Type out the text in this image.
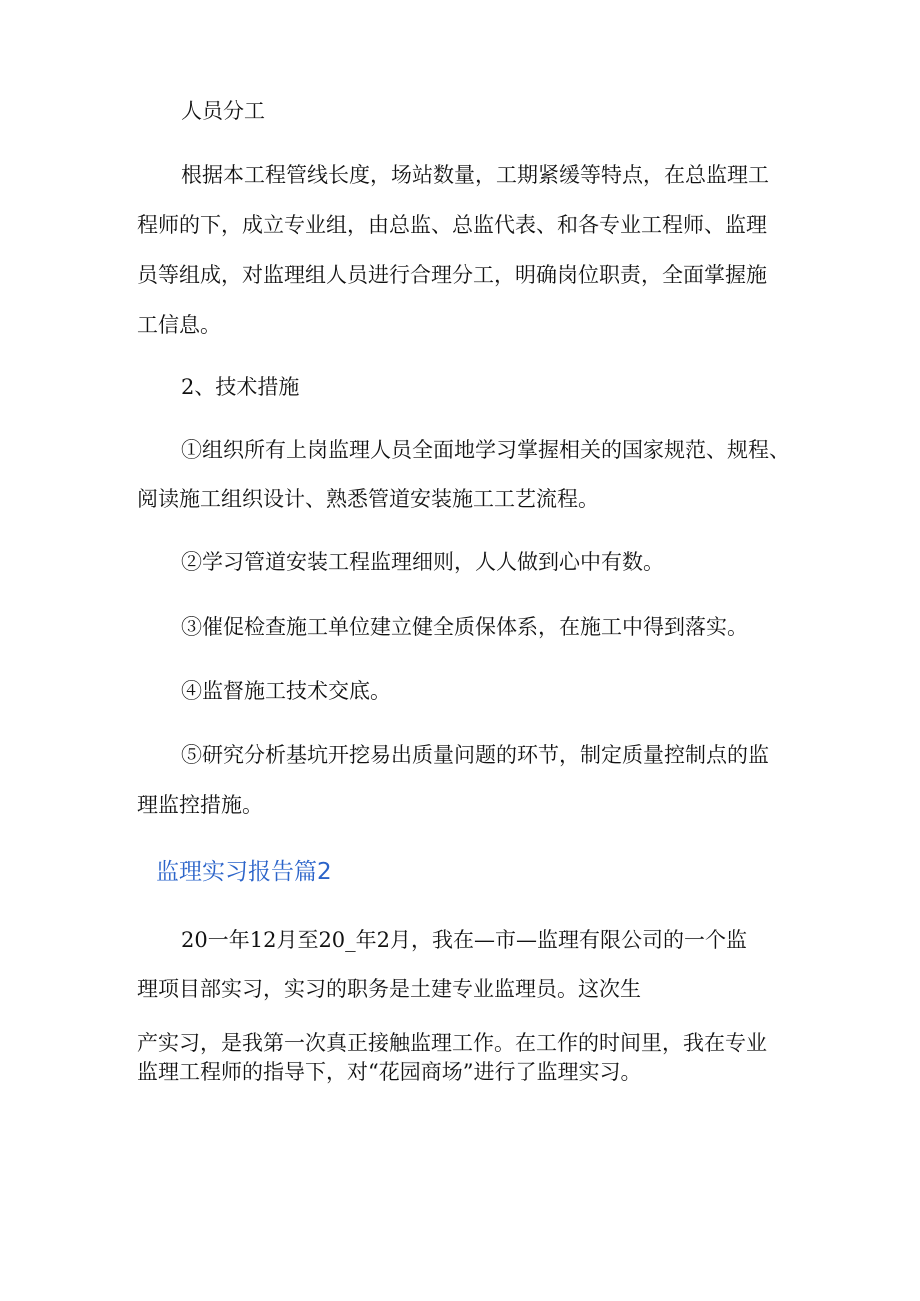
人员分工

根据本工程管线长度，场站数量，工期紧缓等特点，在总监理工

程师的下，成立专业组，由总监、总监代表、和各专业工程师、监理

员等组成，对监理组人员进行合理分工，明确岗位职责，全面掌握施

工信息。

2、技术措施

①组织所有上岗监理人员全面地学习掌握相关的国家规范、规程、

阅读施工组织设计、熟悉管道安装施工工艺流程。

②学习管道安装工程监理细则，人人做到心中有数。

③催促检查施工单位建立健全质保体系，在施工中得到落实。

④监督施工技术交底。

⑤研究分析基坑开挖易出质量问题的环节，制定质量控制点的监

理监控措施。

监理实习报告篇2

20一年12月至20_年2月，我在—市—监理有限公司的一个监

理项目部实习，实习的职务是土建专业监理员。这次生

产实习，是我第一次真正接触监理工作。在工作的时间里，我在专业

监理工程师的指导下，对“花园商场”进行了监理实习。
